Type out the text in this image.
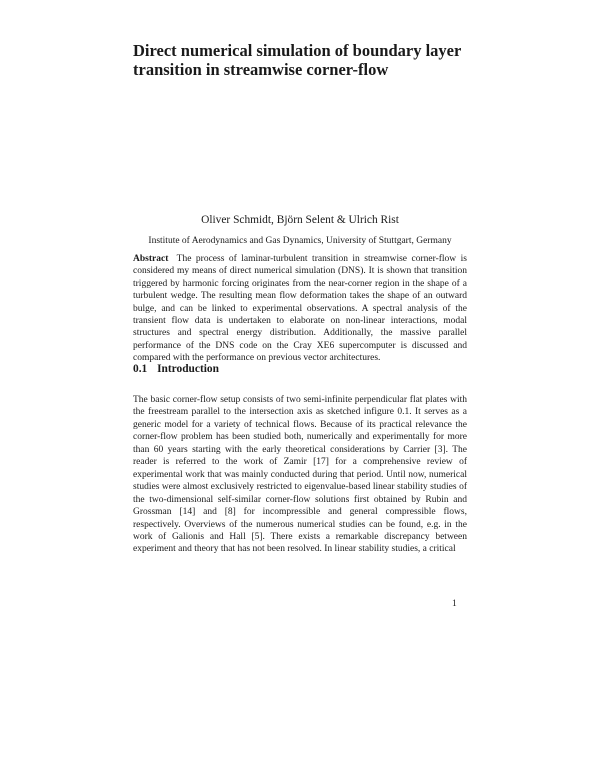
Direct numerical simulation of boundary layer transition in streamwise corner-flow

Oliver Schmidt, Björn Selent & Ulrich Rist

Institute of Aerodynamics and Gas Dynamics, University of Stuttgart, Germany

Abstract The process of laminar-turbulent transition in streamwise corner-flow is considered my means of direct numerical simulation (DNS). It is shown that transition triggered by harmonic forcing originates from the near-corner region in the shape of a turbulent wedge. The resulting mean flow deformation takes the shape of an outward bulge, and can be linked to experimental observations. A spectral analysis of the transient flow data is undertaken to elaborate on non-linear interactions, modal structures and spectral energy distribution. Additionally, the massive parallel performance of the DNS code on the Cray XE6 supercomputer is discussed and compared with the performance on previous vector architectures.

0.1 Introduction

The basic corner-flow setup consists of two semi-infinite perpendicular flat plates with the freestream parallel to the intersection axis as sketched infigure 0.1. It serves as a generic model for a variety of technical flows. Because of its practical relevance the corner-flow problem has been studied both, numerically and experimentally for more than 60 years starting with the early theoretical considerations by Carrier [3]. The reader is referred to the work of Zamir [17] for a comprehensive review of experimental work that was mainly conducted during that period. Until now, numerical studies were almost exclusively restricted to eigenvalue-based linear stability studies of the two-dimensional self-similar corner-flow solutions first obtained by Rubin and Grossman [14] and [8] for incompressible and general compressible flows, respectively. Overviews of the numerous numerical studies can be found, e.g. in the work of Galionis and Hall [5]. There exists a remarkable discrepancy between experiment and theory that has not been resolved. In linear stability studies, a critical

1
